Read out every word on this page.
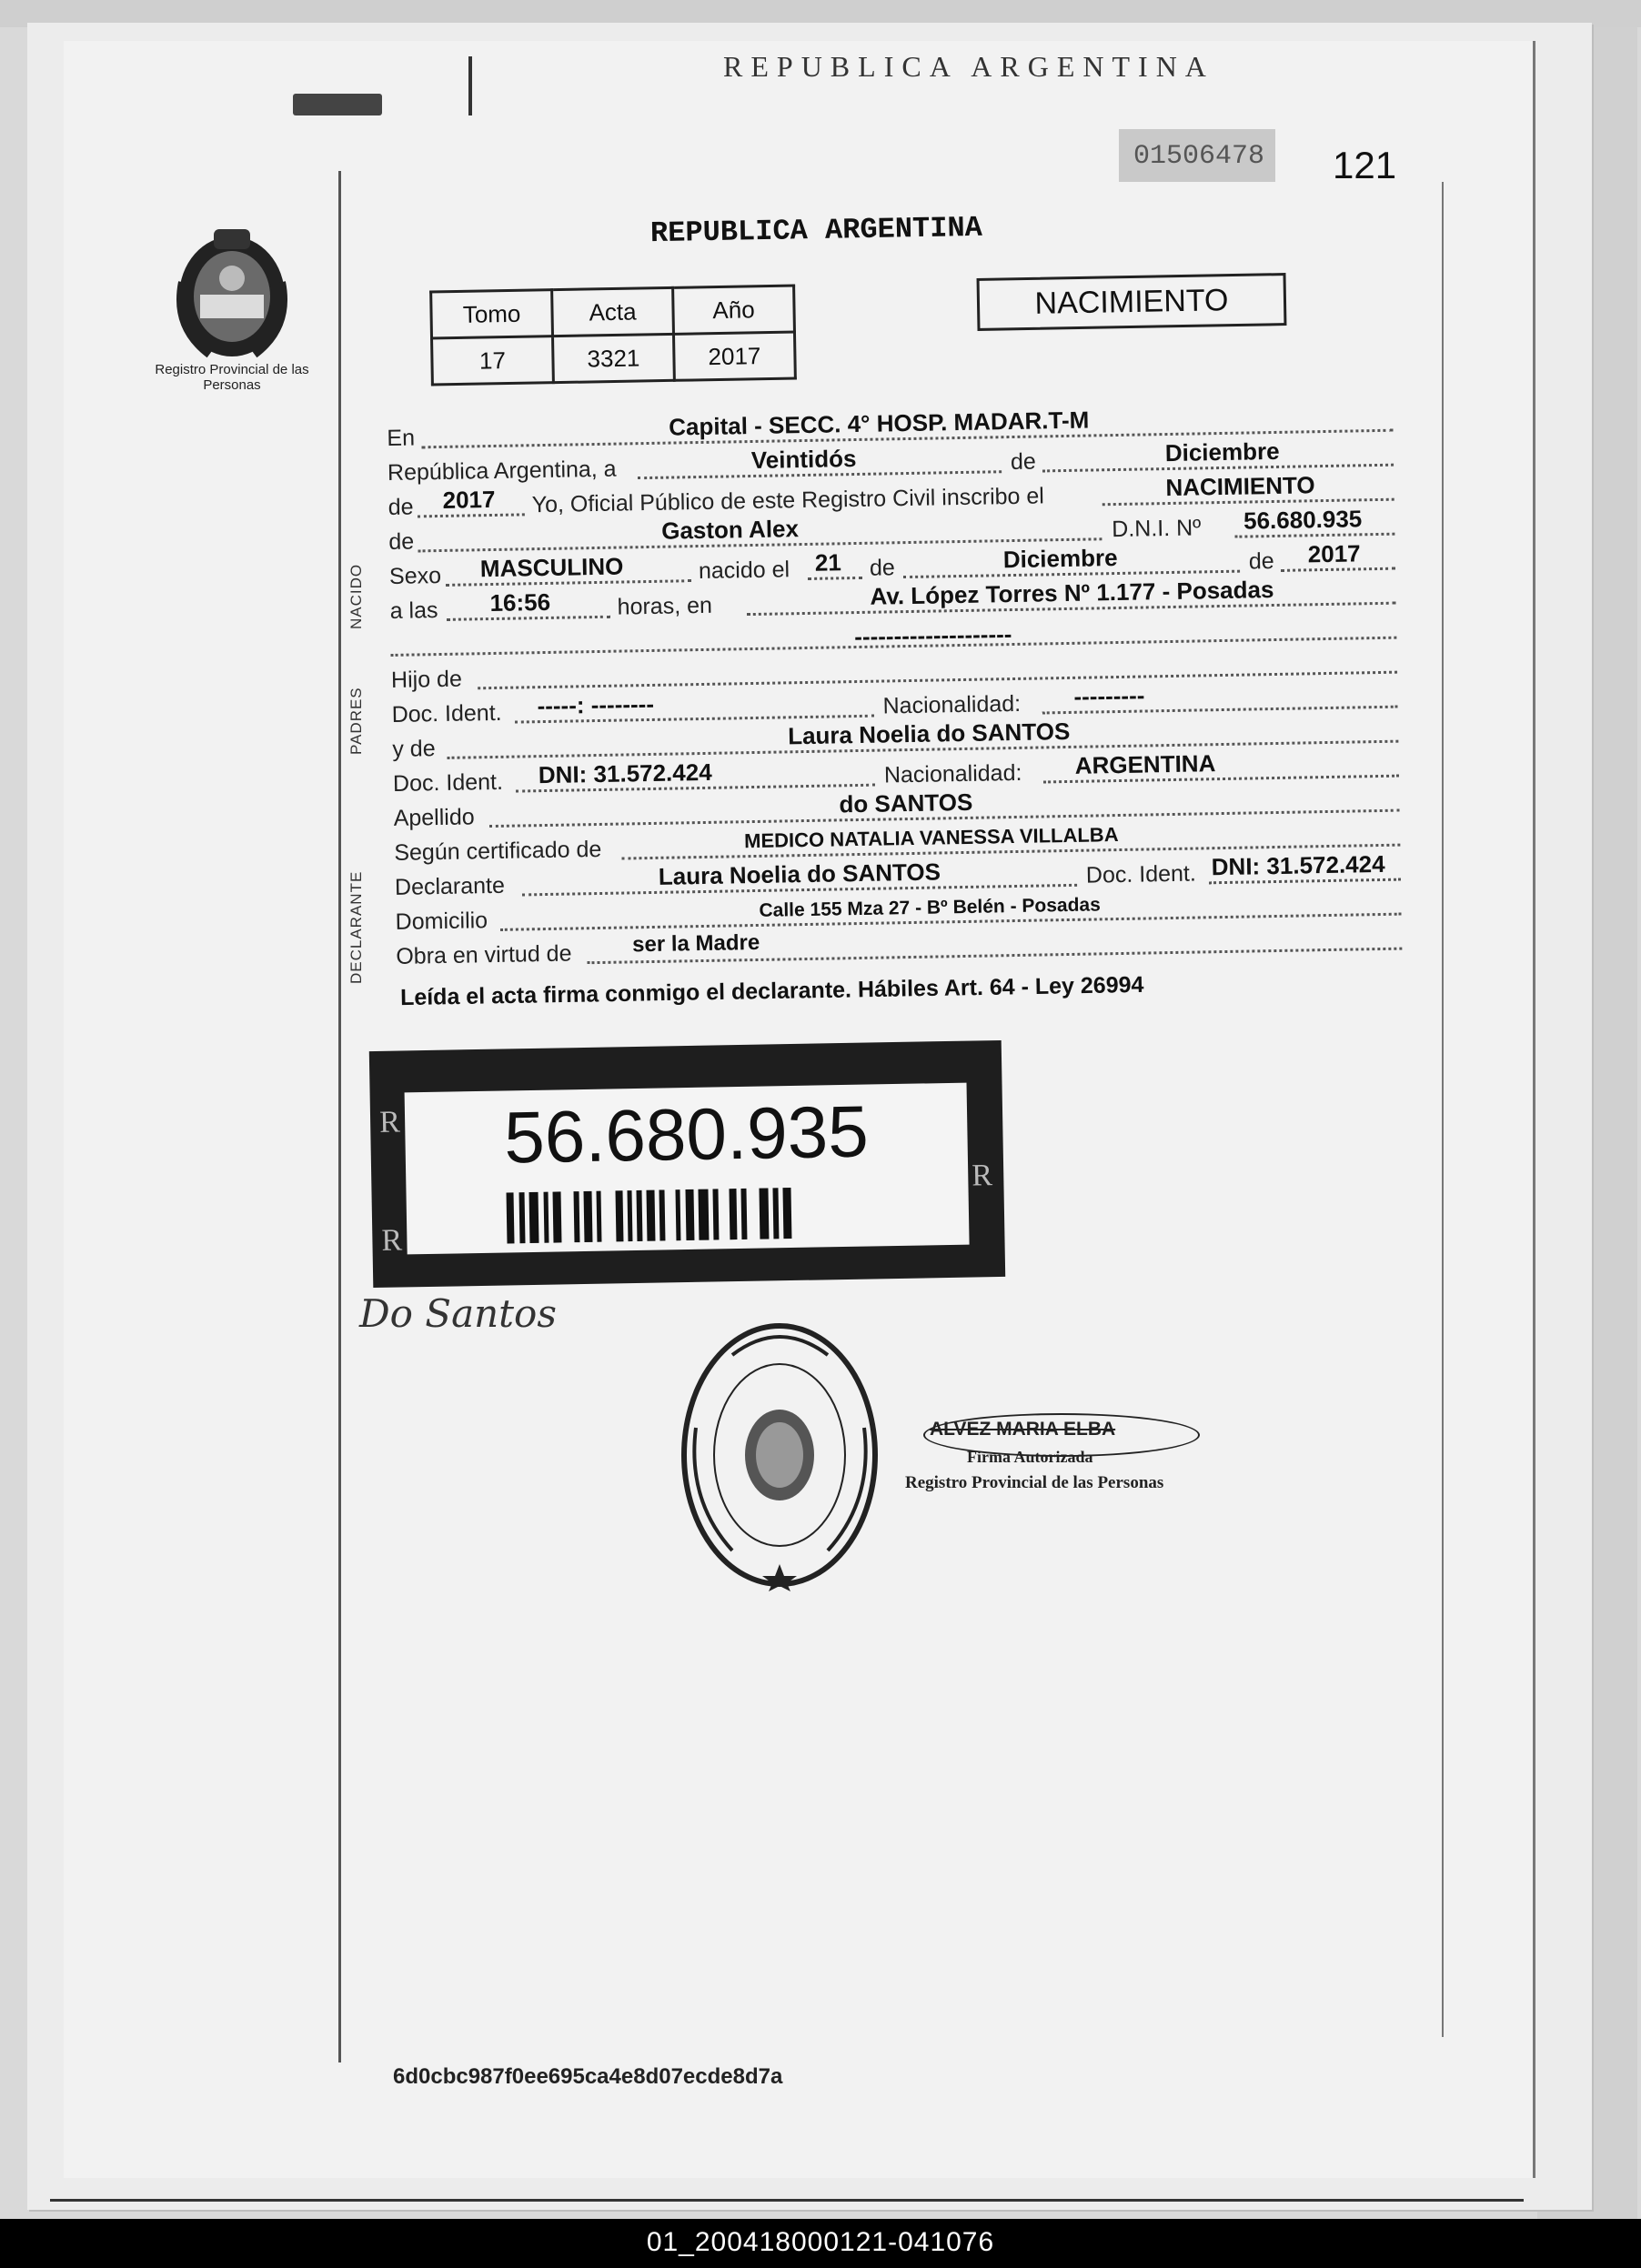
REPUBLICA ARGENTINA
01506478 121
Registro Provincial de las Personas
REPUBLICA ARGENTINA
Tomo	Acta	Año
17	3321	2017
NACIMIENTO
En	Capital - SECC. 4° HOSP. MADAR.T-M
República Argentina, a	Veintidós	de	Diciembre
de 2017 Yo, Oficial Público de este Registro Civil inscribo el	NACIMIENTO
de	Gaston Alex	D.N.I. Nº 56.680.935
Sexo MASCULINO	nacido el 21 de	Diciembre	de 2017
a las 16:56	horas, en	Av. López Torres Nº 1.177 - Posadas
--------------------
Hijo de
Doc. Ident. -----: --------	Nacionalidad: ---------
y de	Laura Noelia do SANTOS
Doc. Ident. DNI: 31.572.424	Nacionalidad: ARGENTINA
Apellido	do SANTOS
Según certificado de	MEDICO NATALIA VANESSA VILLALBA
Declarante	Laura Noelia do SANTOS	Doc. Ident. DNI: 31.572.424
Domicilio	Calle 155 Mza 27 - Bº Belén - Posadas
Obra en virtud de	ser la Madre
NACIDO
PADRES
DECLARANTE
Leída el acta firma conmigo el declarante. Hábiles Art. 64 - Ley 26994
R
R
R
56.680.935
Do Santos
ALVEZ MARIA ELBA
Firma Autorizada
Registro Provincial de las Personas
6d0cbc987f0ee695ca4e8d07ecde8d7a
01_200418000121-041076
